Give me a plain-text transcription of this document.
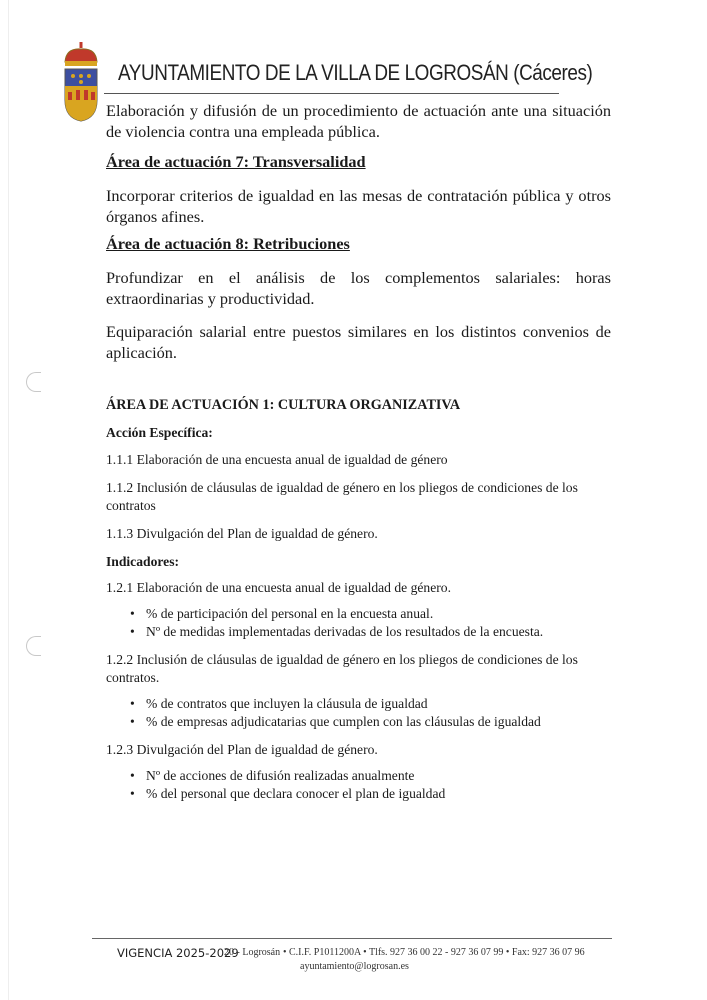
AYUNTAMIENTO DE LA VILLA DE LOGROSÁN (Cáceres)

Elaboración y difusión de un procedimiento de actuación ante una situación de violencia contra una empleada pública.

Área de actuación 7: Transversalidad

Incorporar criterios de igualdad en las mesas de contratación pública y otros órganos afines.

Área de actuación 8: Retribuciones

Profundizar en el análisis de los complementos salariales: horas

extraordinarias y productividad.

Equiparación salarial entre puestos similares en los distintos convenios de aplicación.

ÁREA DE ACTUACIÓN 1: CULTURA ORGANIZATIVA

Acción Específica:

1.1.1 Elaboración de una encuesta anual de igualdad de género

1.1.2 Inclusión de cláusulas de igualdad de género en los pliegos de condiciones de los contratos

1.1.3 Divulgación del Plan de igualdad de género.

Indicadores:

1.2.1 Elaboración de una encuesta anual de igualdad de género.

• % de participación del personal en la encuesta anual.
• Nº de medidas implementadas derivadas de los resultados de la encuesta.

1.2.2 Inclusión de cláusulas de igualdad de género en los pliegos de condiciones de los contratos.

• % de contratos que incluyen la cláusula de igualdad
• % de empresas adjudicatarias que cumplen con las cláusulas de igualdad

1.2.3 Divulgación del Plan de igualdad de género.

• Nº de acciones de difusión realizadas anualmente
• % del personal que declara conocer el plan de igualdad
VIGENCIA 2025-2029
20 - Logrosán • C.I.F. P1011200A • Tlfs. 927 36 00 22 - 927 36 07 99 • Fax: 927 36 07 96
ayuntamiento@logrosan.es
